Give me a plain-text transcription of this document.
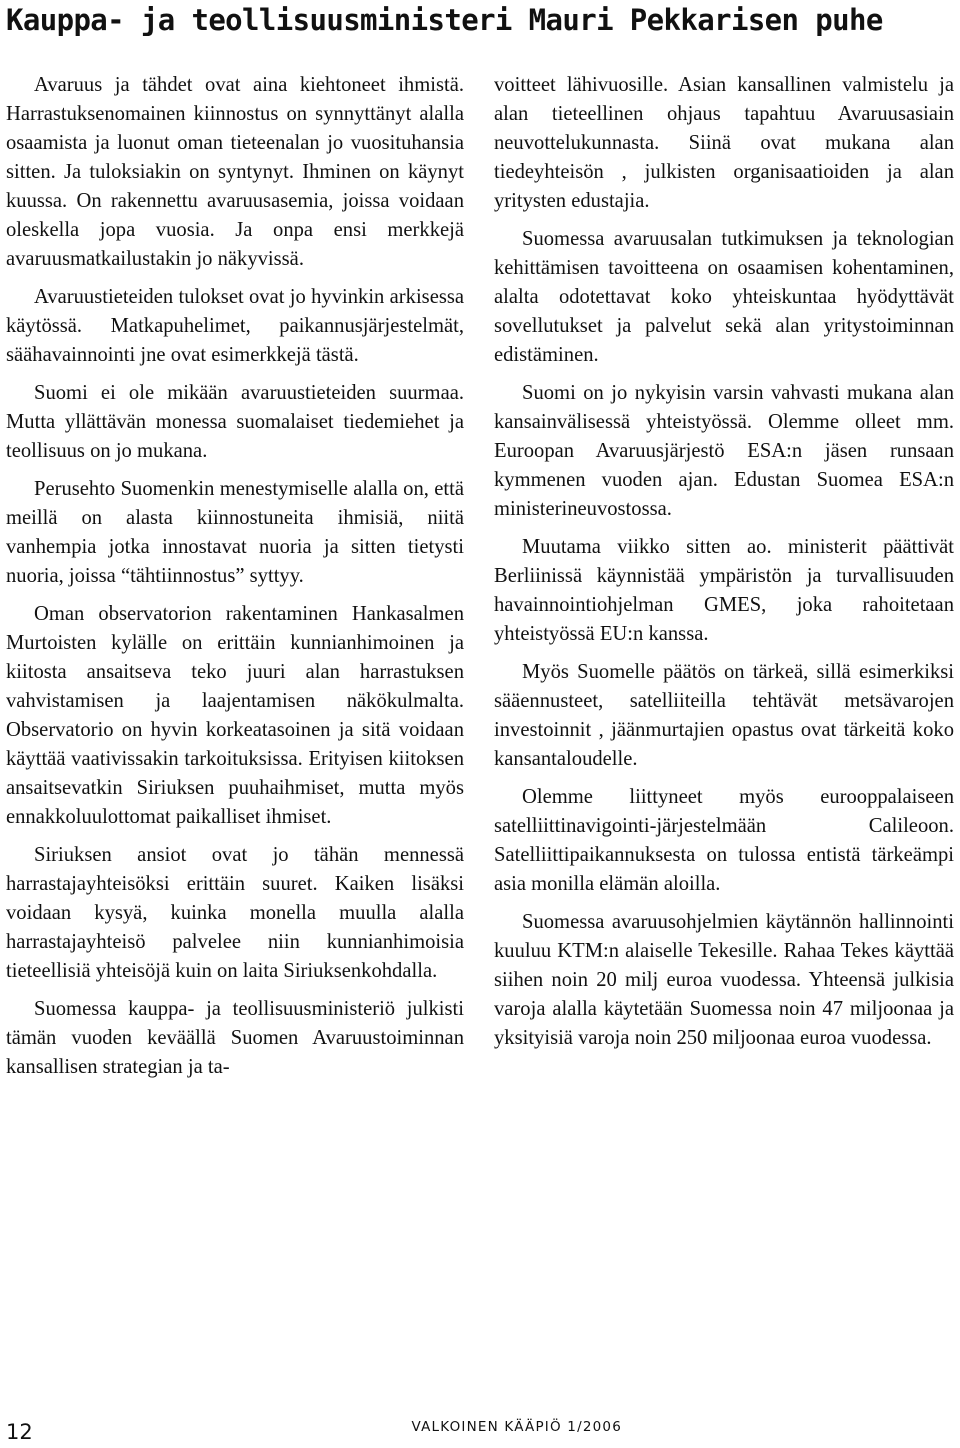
Kauppa- ja teollisuusministeri Mauri Pekkarisen puhe

Avaruus ja tähdet ovat aina kiehtoneet ihmistä. Harrastuksenomainen kiinnostus on synnyttänyt alalla osaamista ja luonut oman tieteenalan jo vuosituhansia sitten. Ja tuloksiakin on syntynyt. Ihminen on käynyt kuussa. On rakennettu avaruusasemia, joissa voidaan oleskella jopa vuosia. Ja onpa ensi merkkejä avaruusmatkailustakin jo näkyvissä.

Avaruustieteiden tulokset ovat jo hyvinkin arkisessa käytössä. Matkapuhelimet, paikannusjärjestelmät, säähavainnointi jne ovat esimerkkejä tästä.

Suomi ei ole mikään avaruustieteiden suurmaa. Mutta yllättävän monessa suomalaiset tiedemiehet ja teollisuus on jo mukana.

Perusehto Suomenkin menestymiselle alalla on, että meillä on alasta kiinnostuneita ihmisiä, niitä vanhempia jotka innostavat nuoria ja sitten tietysti nuoria, joissa “tähtiinnostus” syttyy.

Oman observatorion rakentaminen Hankasalmen Murtoisten kylälle on erittäin kunnianhimoinen ja kiitosta ansaitseva teko juuri alan harrastuksen vahvistamisen ja laajentamisen näkökulmalta. Observatorio on hyvin korkeatasoinen ja sitä voidaan käyttää vaativissakin tarkoituksissa. Erityisen kiitoksen ansaitsevatkin Siriuksen puuhaihmiset, mutta myös ennakkoluulottomat paikalliset ihmiset.

Siriuksen ansiot ovat jo tähän mennessä harrastajayhteisöksi erittäin suuret. Kaiken lisäksi voidaan kysyä, kuinka monella muulla alalla harrastajayhteisö palvelee niin kunnianhimoisia tieteellisiä yhteisöjä kuin on laita Siriuksenkohdalla.

Suomessa kauppa- ja teollisuusministeriö julkisti tämän vuoden keväällä Suomen Avaruustoiminnan kansallisen strategian ja ta-

voitteet lähivuosille. Asian kansallinen valmistelu ja alan tieteellinen ohjaus tapahtuu Avaruusasiain neuvottelukunnasta. Siinä ovat mukana alan tiedeyhteisön , julkisten organisaatioiden ja alan yritysten edustajia.

Suomessa avaruusalan tutkimuksen ja teknologian kehittämisen tavoitteena on osaamisen kohentaminen, alalta odotettavat koko yhteiskuntaa hyödyttävät sovellutukset ja palvelut sekä alan yritystoiminnan edistäminen.

Suomi on jo nykyisin varsin vahvasti mukana alan kansainvälisessä yhteistyössä. Olemme olleet mm. Euroopan Avaruusjärjestö ESA:n jäsen runsaan kymmenen vuoden ajan. Edustan Suomea ESA:n ministerineuvostossa.

Muutama viikko sitten ao. ministerit päättivät Berliinissä käynnistää ympäristön ja turvallisuuden havainnointiohjelman GMES, joka rahoitetaan yhteistyössä EU:n kanssa.

Myös Suomelle päätös on tärkeä, sillä esimerkiksi sääennusteet, satelliiteilla tehtävät metsävarojen investoinnit , jäänmurtajien opastus ovat tärkeitä koko kansantaloudelle.

Olemme liittyneet myös eurooppalaiseen satelliittinavigointi-järjestelmään Calileoon. Satelliittipaikannuksesta on tulossa entistä tärkeämpi asia monilla elämän aloilla.

Suomessa avaruusohjelmien käytännön hallinnointi kuuluu KTM:n alaiselle Tekesille. Rahaa Tekes käyttää siihen noin 20 milj euroa vuodessa. Yhteensä julkisia varoja alalla käytetään Suomessa noin 47 miljoonaa ja yksityisiä varoja noin 250 miljoonaa euroa vuodessa.

12	VALKOINEN KÄÄPIÖ 1/2006
